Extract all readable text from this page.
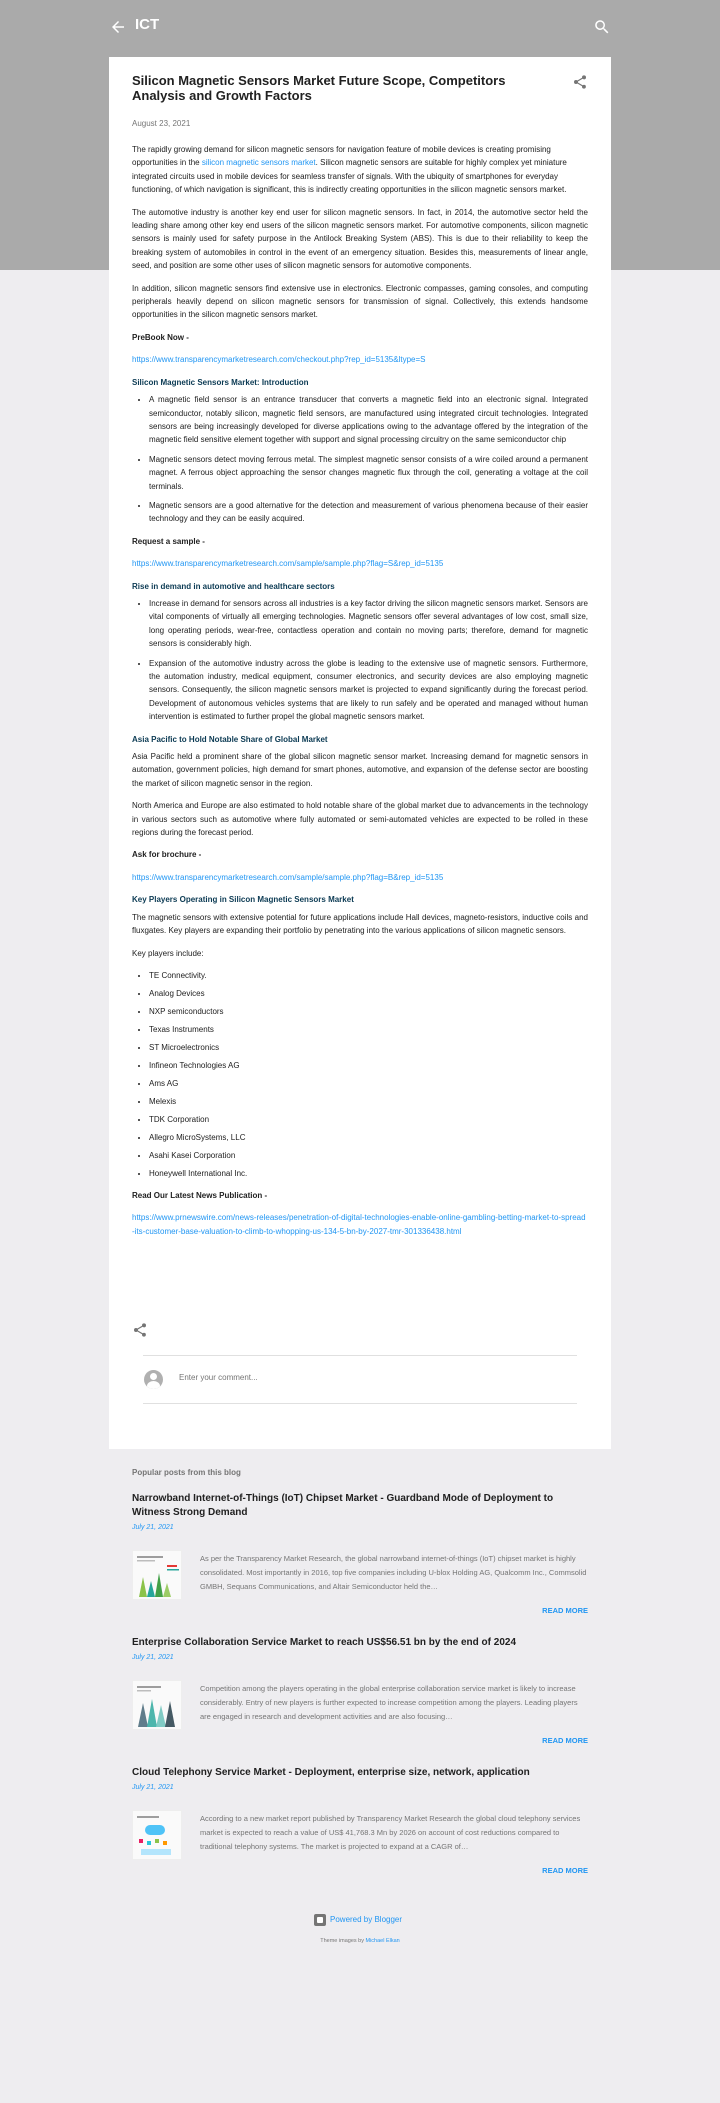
ICT
Silicon Magnetic Sensors Market Future Scope, Competitors Analysis and Growth Factors
August 23, 2021

The rapidly growing demand for silicon magnetic sensors for navigation feature of mobile devices is creating promising opportunities in the silicon magnetic sensors market. Silicon magnetic sensors are suitable for highly complex yet miniature integrated circuits used in mobile devices for seamless transfer of signals. With the ubiquity of smartphones for everyday functioning, of which navigation is significant, this is indirectly creating opportunities in the silicon magnetic sensors market.

The automotive industry is another key end user for silicon magnetic sensors. In fact, in 2014, the automotive sector held the leading share among other key end users of the silicon magnetic sensors market. For automotive components, silicon magnetic sensors is mainly used for safety purpose in the Antilock Breaking System (ABS). This is due to their reliability to keep the breaking system of automobiles in control in the event of an emergency situation. Besides this, measurements of linear angle, seed, and position are some other uses of silicon magnetic sensors for automotive components.

In addition, silicon magnetic sensors find extensive use in electronics. Electronic compasses, gaming consoles, and computing peripherals heavily depend on silicon magnetic sensors for transmission of signal. Collectively, this extends handsome opportunities in the silicon magnetic sensors market.

PreBook Now -

https://www.transparencymarketresearch.com/checkout.php?rep_id=5135&ltype=S

Silicon Magnetic Sensors Market: Introduction
• A magnetic field sensor is an entrance transducer that converts a magnetic field into an electronic signal. Integrated semiconductor, notably silicon, magnetic field sensors, are manufactured using integrated circuit technologies. Integrated sensors are being increasingly developed for diverse applications owing to the advantage offered by the integration of the magnetic field sensitive element together with support and signal processing circuitry on the same semiconductor chip
• Magnetic sensors detect moving ferrous metal. The simplest magnetic sensor consists of a wire coiled around a permanent magnet. A ferrous object approaching the sensor changes magnetic flux through the coil, generating a voltage at the coil terminals.
• Magnetic sensors are a good alternative for the detection and measurement of various phenomena because of their easier technology and they can be easily acquired.

Request a sample -

https://www.transparencymarketresearch.com/sample/sample.php?flag=S&rep_id=5135

Rise in demand in automotive and healthcare sectors
• Increase in demand for sensors across all industries is a key factor driving the silicon magnetic sensors market. Sensors are vital components of virtually all emerging technologies. Magnetic sensors offer several advantages of low cost, small size, long operating periods, wear-free, contactless operation and contain no moving parts; therefore, demand for magnetic sensors is considerably high.
• Expansion of the automotive industry across the globe is leading to the extensive use of magnetic sensors. Furthermore, the automation industry, medical equipment, consumer electronics, and security devices are also employing magnetic sensors. Consequently, the silicon magnetic sensors market is projected to expand significantly during the forecast period. Development of autonomous vehicles systems that are likely to run safely and be operated and managed without human intervention is estimated to further propel the global magnetic sensors market.
Asia Pacific to Hold Notable Share of Global Market

Asia Pacific held a prominent share of the global silicon magnetic sensor market. Increasing demand for magnetic sensors in automation, government policies, high demand for smart phones, automotive, and expansion of the defense sector are boosting the market of silicon magnetic sensor in the region.

North America and Europe are also estimated to hold notable share of the global market due to advancements in the technology in various sectors such as automotive where fully automated or semi-automated vehicles are expected to be rolled in these regions during the forecast period.

Ask for brochure -

https://www.transparencymarketresearch.com/sample/sample.php?flag=B&rep_id=5135

Key Players Operating in Silicon Magnetic Sensors Market

The magnetic sensors with extensive potential for future applications include Hall devices, magneto-resistors, inductive coils and fluxgates. Key players are expanding their portfolio by penetrating into the various applications of silicon magnetic sensors.

Key players include:

• TE Connectivity.
• Analog Devices
• NXP semiconductors
• Texas Instruments
• ST Microelectronics
• Infineon Technologies AG
• Ams AG
• Melexis
• TDK Corporation
• Allegro MicroSystems, LLC
• Asahi Kasei Corporation
• Honeywell International Inc.

Read Our Latest News Publication -

https://www.prnewswire.com/news-releases/penetration-of-digital-technologies-enable-online-gambling-betting-market-to-spread-its-customer-base-valuation-to-climb-to-whopping-us-134-5-bn-by-2027-tmr-301336438.html

Enter your comment...
Popular posts from this blog
Narrowband Internet-of-Things (IoT) Chipset Market - Guardband Mode of Deployment to Witness Strong Demand
July 21, 2021
As per the Transparency Market Research, the global narrowband internet-of-things (IoT) chipset market is highly consolidated. Most importantly in 2016, top five companies including U-blox Holding AG, Qualcomm Inc., Commsolid GMBH, Sequans Communications, and Altair Semiconductor held the…
READ MORE
Enterprise Collaboration Service Market to reach US$56.51 bn by the end of 2024
July 21, 2021
Competition among the players operating in the global enterprise collaboration service market is likely to increase considerably. Entry of new players is further expected to increase competition among the players. Leading players are engaged in research and development activities and are also focusing…
READ MORE
Cloud Telephony Service Market - Deployment, enterprise size, network, application
July 21, 2021
According to a new market report published by Transparency Market Research the global cloud telephony services market is expected to reach a value of US$ 41,768.3 Mn by 2026 on account of cost reductions compared to traditional telephony systems. The market is projected to expand at a CAGR of…
READ MORE
Powered by Blogger
Theme images by Michael Elkan
